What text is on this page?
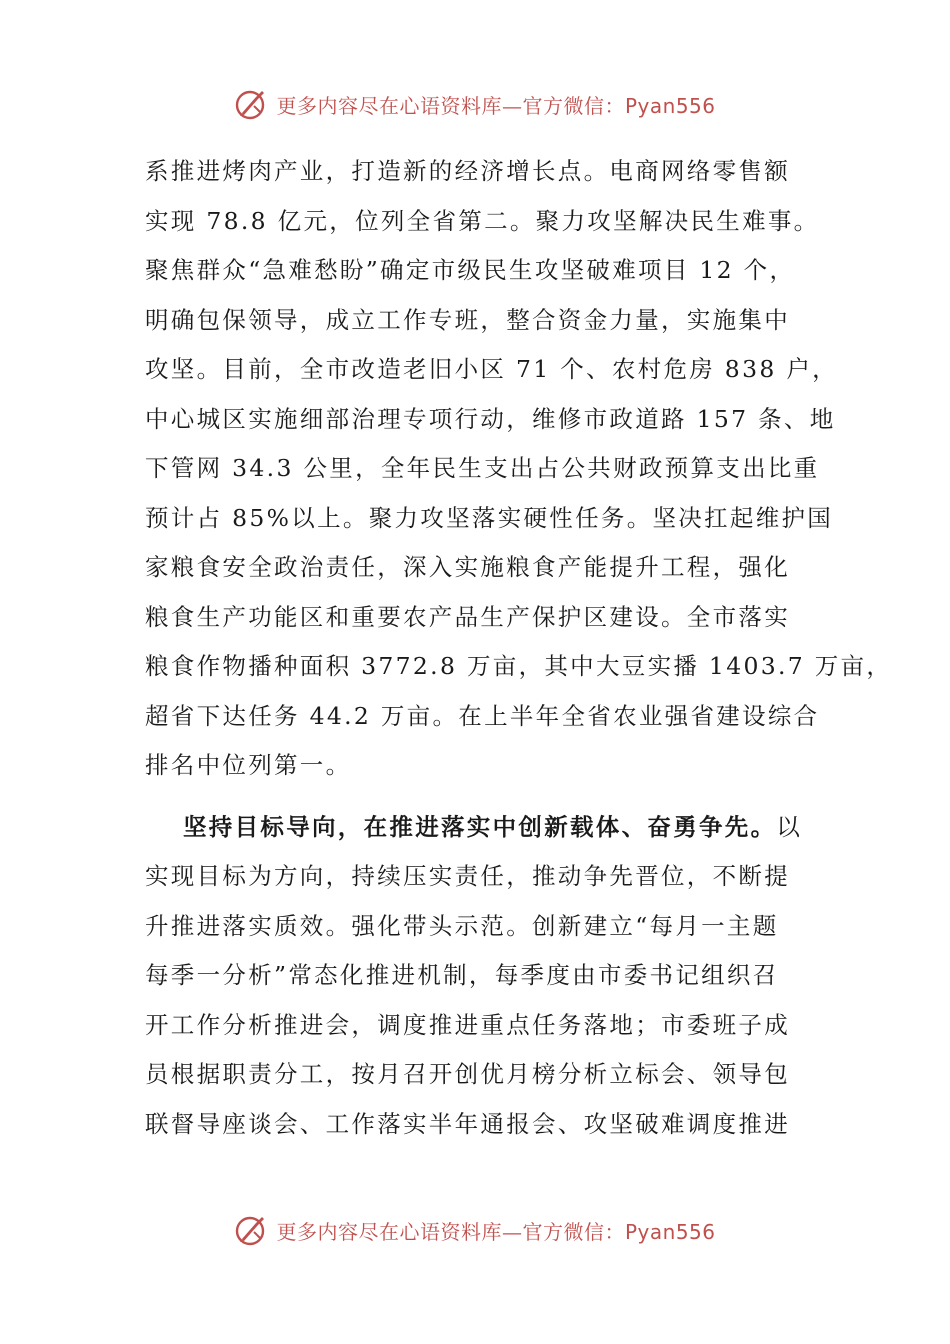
更多内容尽在心语资料库—官方微信：Pyan556
系推进烤肉产业，打造新的经济增长点。电商网络零售额
实现 78.8 亿元，位列全省第二。聚力攻坚解决民生难事。
聚焦群众“急难愁盼”确定市级民生攻坚破难项目 12 个，
明确包保领导，成立工作专班，整合资金力量，实施集中
攻坚。目前，全市改造老旧小区 71 个、农村危房 838 户，
中心城区实施细部治理专项行动，维修市政道路 157 条、地
下管网 34.3 公里，全年民生支出占公共财政预算支出比重
预计占 85%以上。聚力攻坚落实硬性任务。坚决扛起维护国
家粮食安全政治责任，深入实施粮食产能提升工程，强化
粮食生产功能区和重要农产品生产保护区建设。全市落实
粮食作物播种面积 3772.8 万亩，其中大豆实播 1403.7 万亩，
超省下达任务 44.2 万亩。在上半年全省农业强省建设综合
排名中位列第一。
坚持目标导向，在推进落实中创新载体、奋勇争先。以
实现目标为方向，持续压实责任，推动争先晋位，不断提
升推进落实质效。强化带头示范。创新建立“每月一主题
每季一分析”常态化推进机制，每季度由市委书记组织召
开工作分析推进会，调度推进重点任务落地；市委班子成
员根据职责分工，按月召开创优月榜分析立标会、领导包
联督导座谈会、工作落实半年通报会、攻坚破难调度推进
更多内容尽在心语资料库—官方微信：Pyan556
